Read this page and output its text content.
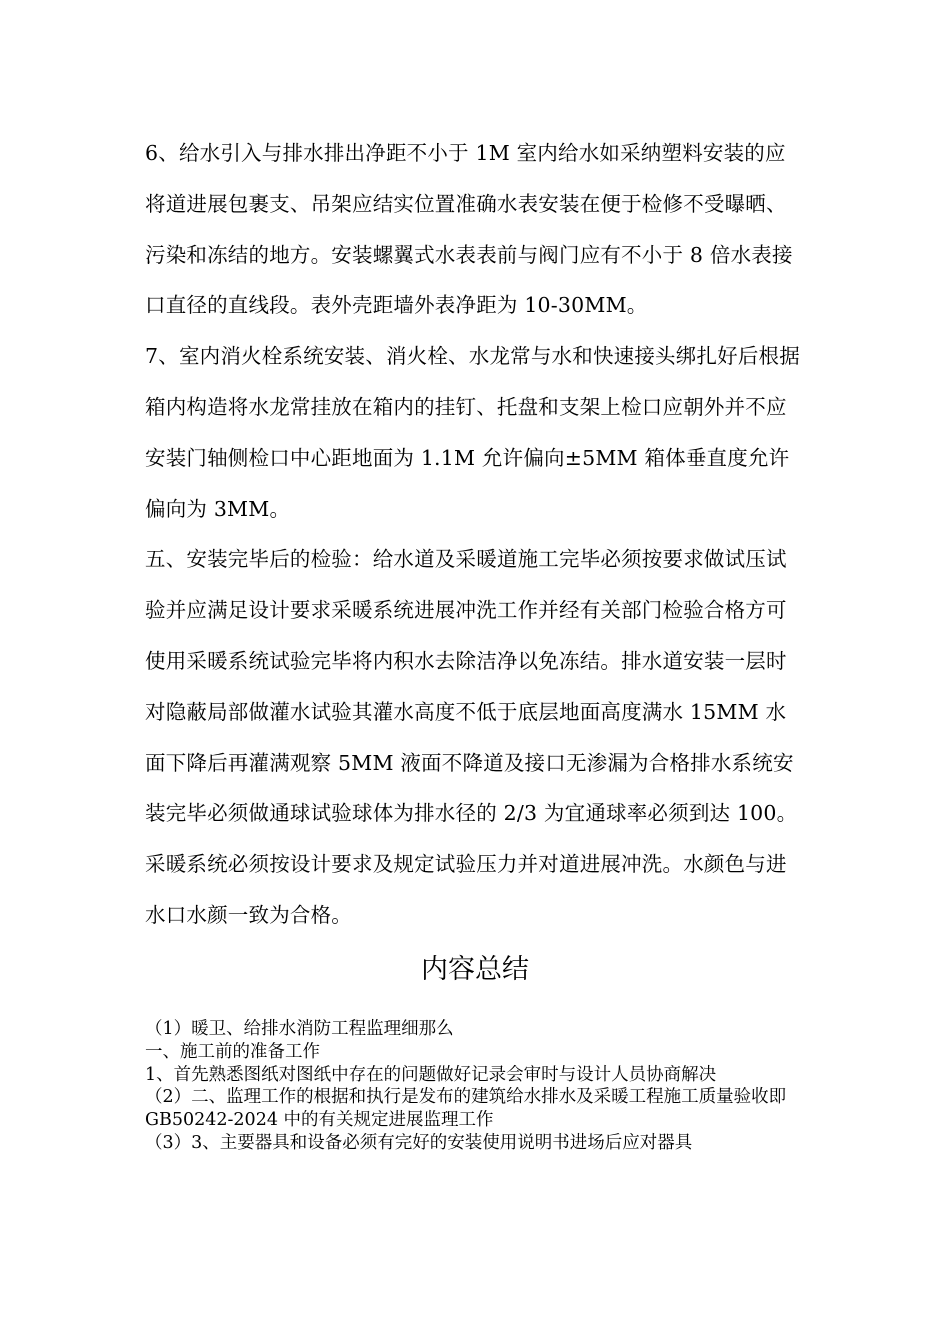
6、给水引入与排水排出净距不小于 1M 室内给水如采纳塑料安装的应将道进展包裹支、吊架应结实位置准确水表安装在便于检修不受曝晒、污染和冻结的地方。安装螺翼式水表表前与阀门应有不小于 8 倍水表接口直径的直线段。表外壳距墙外表净距为 10-30MM。

7、室内消火栓系统安装、消火栓、水龙常与水和快速接头绑扎好后根据箱内构造将水龙常挂放在箱内的挂钉、托盘和支架上检口应朝外并不应安装门轴侧检口中心距地面为 1.1M 允许偏向±5MM 箱体垂直度允许偏向为 3MM。

五、安装完毕后的检验：给水道及采暖道施工完毕必须按要求做试压试验并应满足设计要求采暖系统进展冲洗工作并经有关部门检验合格方可使用采暖系统试验完毕将内积水去除洁净以免冻结。排水道安装一层时对隐蔽局部做灌水试验其灌水高度不低于底层地面高度满水 15MM 水面下降后再灌满观察 5MM 液面不降道及接口无渗漏为合格排水系统安装完毕必须做通球试验球体为排水径的 2/3 为宜通球率必须到达 100。采暖系统必须按设计要求及规定试验压力并对道进展冲洗。水颜色与进水口水颜一致为合格。

内容总结

（1）暖卫、给排水消防工程监理细那么

一、施工前的准备工作

1、首先熟悉图纸对图纸中存在的问题做好记录会审时与设计人员协商解决

（2）二、监理工作的根据和执行是发布的建筑给水排水及采暖工程施工质量验收即 GB50242-2024 中的有关规定进展监理工作

（3）3、主要器具和设备必须有完好的安装使用说明书进场后应对器具
